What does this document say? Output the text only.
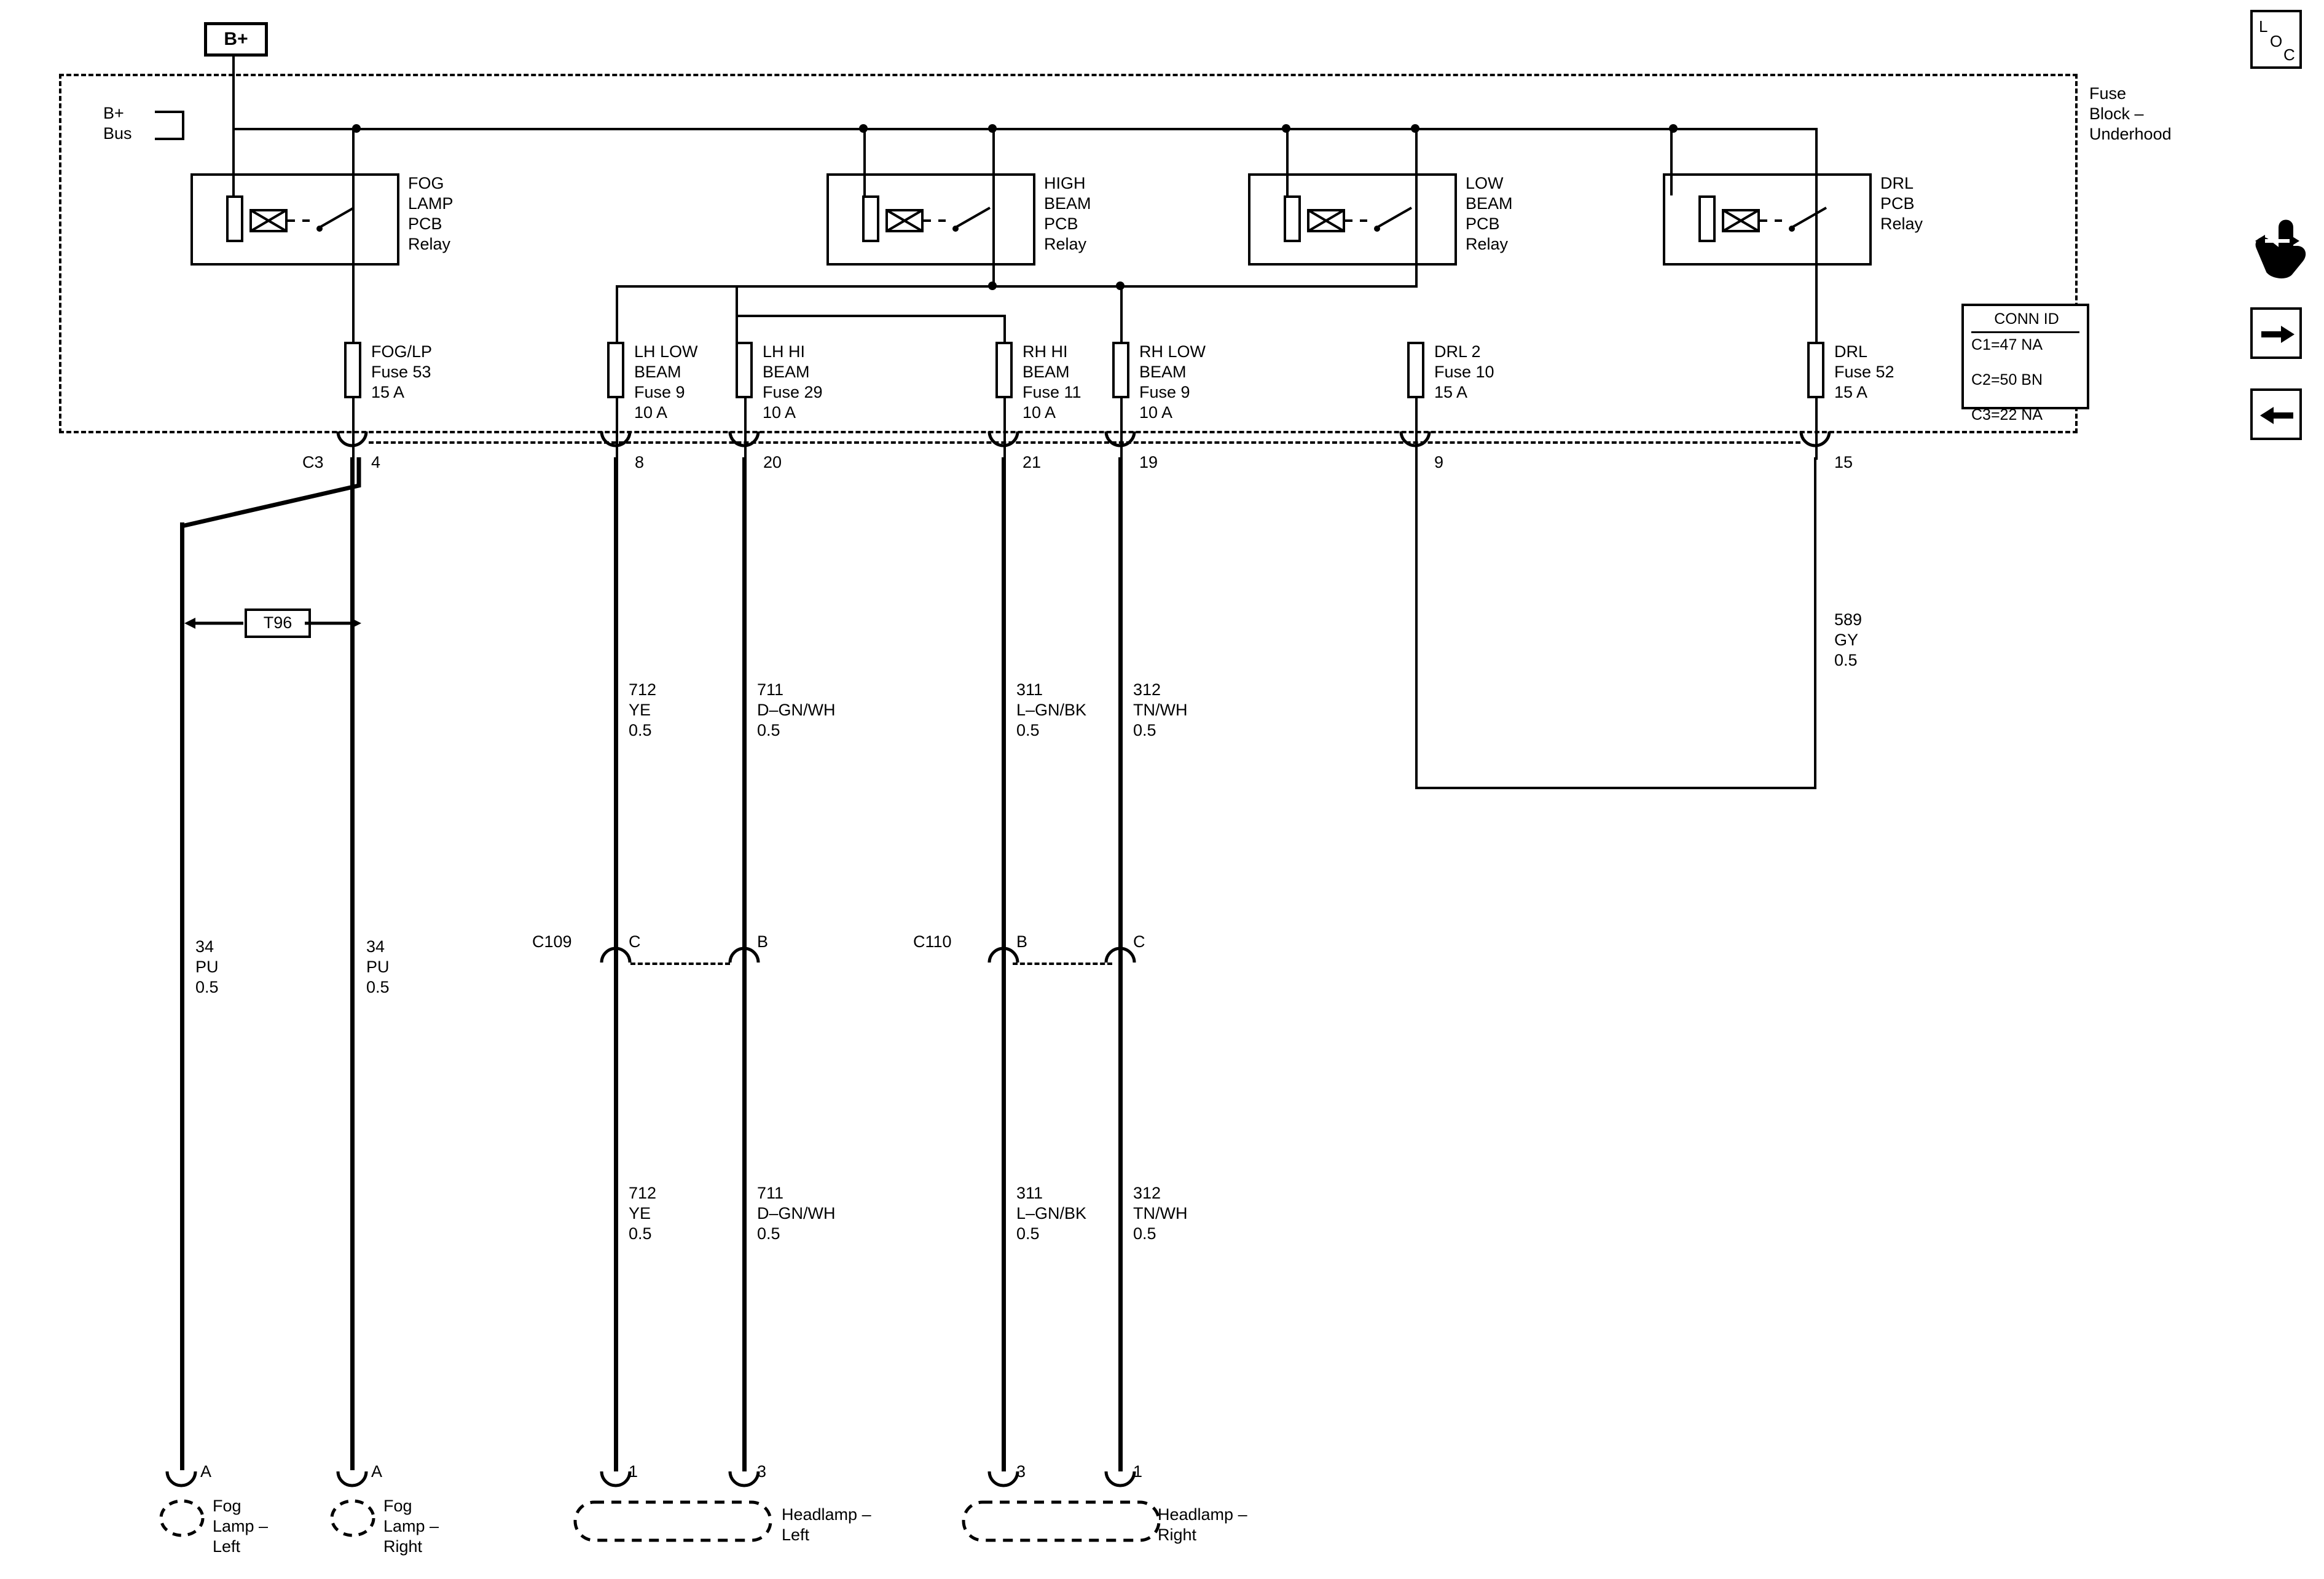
B+
B+
Bus
FOG
LAMP
PCB
Relay
HIGH
BEAM
PCB
Relay
LOW
BEAM
PCB
Relay
DRL
PCB
Relay
FOG/LP
Fuse 53
15 A
LH LOW
BEAM
Fuse 9
10 A
LH HI
BEAM
Fuse 29
10 A
RH HI
BEAM
Fuse 11
10 A
RH LOW
BEAM
Fuse 9
10 A
DRL 2
Fuse 10
15 A
DRL
Fuse 52
15 A
CONN ID
C1=47 NA
C2=50 BN
C3=22 NA
Fuse
Block –
Underhood
C3	4	8	20	21	19	9	15
T96	589
GY
0.5
712
YE
0.5
711
D–GN/WH
0.5
311
L–GN/BK
0.5
312
TN/WH
0.5
34
PU
0.5
34
PU
0.5
C109	C	B	C110	B	C
712
YE
0.5
711
D–GN/WH
0.5
311
L–GN/BK
0.5
312
TN/WH
0.5
A
Fog
Lamp –
Left
A
Fog
Lamp –
Right
1	3
Headlamp –
Left
3	1
Headlamp –
Right
L
O
C
